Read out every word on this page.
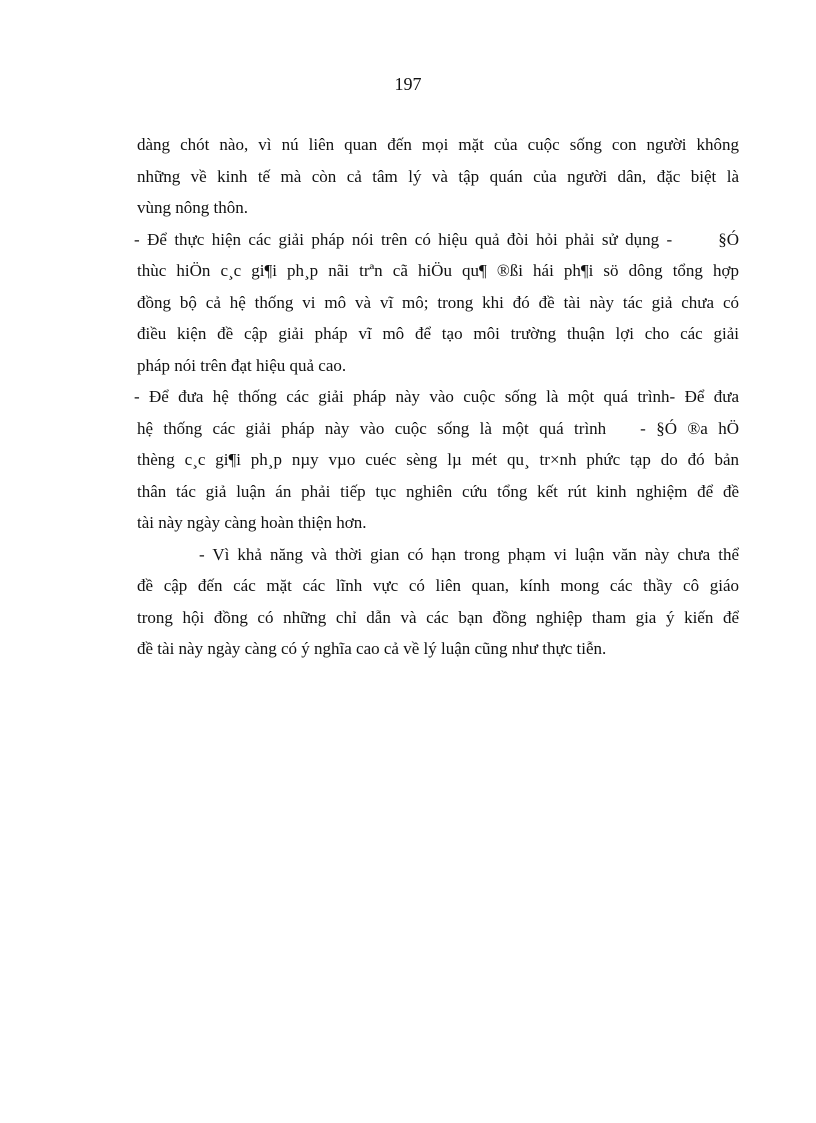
197
dàng chót nào, vì nú liên quan đến mọi mặt của cuộc sống con người không
những về kinh tế mà còn cả tâm lý và tập quán của người dân, đặc biệt là
vùng nông thôn.
- Để thực hiện các giải pháp nói trên có hiệu quả đòi hỏi phải sử dụng -	§Ó
thùc hiÖn c¸c gi¶i ph¸p nãi trªn cã hiÖu qu¶ ®ßi hái ph¶i sö dông tổng hợp
đồng bộ cả hệ thống vi mô và vĩ mô; trong khi đó đề tài này tác giả chưa có
điều kiện đề cập giải pháp vĩ mô để tạo môi trường thuận lợi cho các giải
pháp nói trên đạt hiệu quả cao.
- Để đưa hệ thống các giải pháp này vào cuộc sống là một quá trình- Để đưa
hệ thống các giải pháp này vào cuộc sống là một quá trình - §Ó ®a hÖ
thèng c¸c gi¶i ph¸p nµy vµo cuéc sèng lµ mét qu¸ tr×nh phức tạp do đó bản
thân tác giả luận án phải tiếp tục nghiên cứu tổng kết rút kinh nghiệm để đề
tài này ngày càng hoàn thiện hơn.
- Vì khả năng và thời gian có hạn trong phạm vi luận văn này chưa thể
đề cập đến các mặt các lĩnh vực có liên quan, kính mong các thầy cô giáo
trong hội đồng có những chỉ dẫn và các bạn đồng nghiệp tham gia ý kiến để
đề tài này ngày càng có ý nghĩa cao cả về lý luận cũng như thực tiễn.
